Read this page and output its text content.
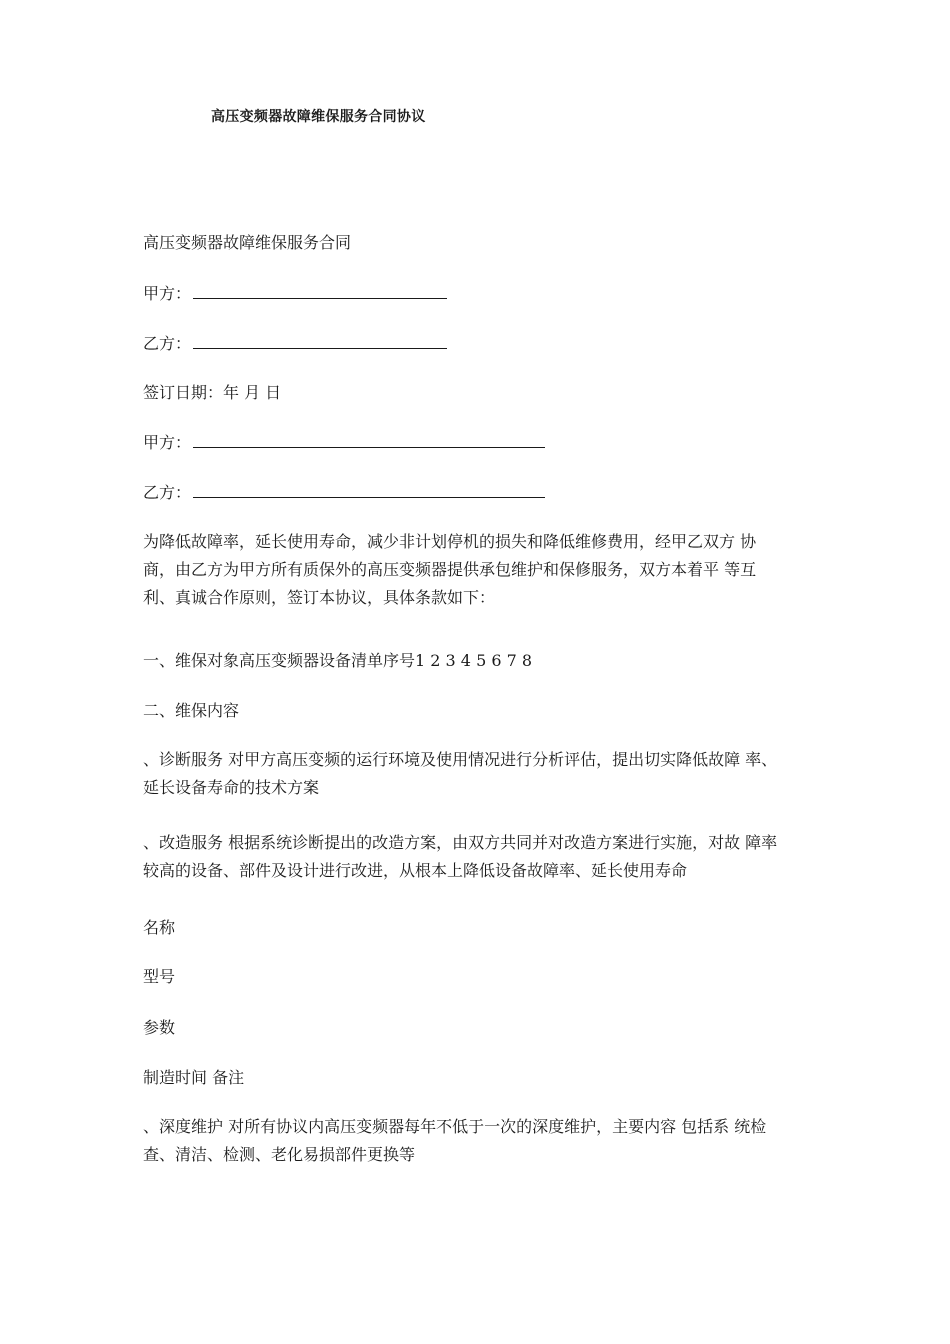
高压变频器故障维保服务合同协议
高压变频器故障维保服务合同
甲方：
乙方：
签订日期：年 月 日
甲方：
乙方：
为降低故障率，延长使用寿命，减少非计划停机的损失和降低维修费用，经甲乙双方 协
商，由乙方为甲方所有质保外的高压变频器提供承包维护和保修服务，双方本着平 等互
利、真诚合作原则，签订本协议，具体条款如下：
一、维保对象高压变频器设备清单序号1 2 3 4 5 6 7 8
二、维保内容
、诊断服务 对甲方高压变频的运行环境及使用情况进行分析评估，提出切实降低故障 率、
延长设备寿命的技术方案
、改造服务 根据系统诊断提出的改造方案，由双方共同并对改造方案进行实施，对故 障率
较高的设备、部件及设计进行改进，从根本上降低设备故障率、延长使用寿命
名称
型号
参数
制造时间 备注
、深度维护 对所有协议内高压变频器每年不低于一次的深度维护，主要内容 包括系 统检
查、清洁、检测、老化易损部件更换等
